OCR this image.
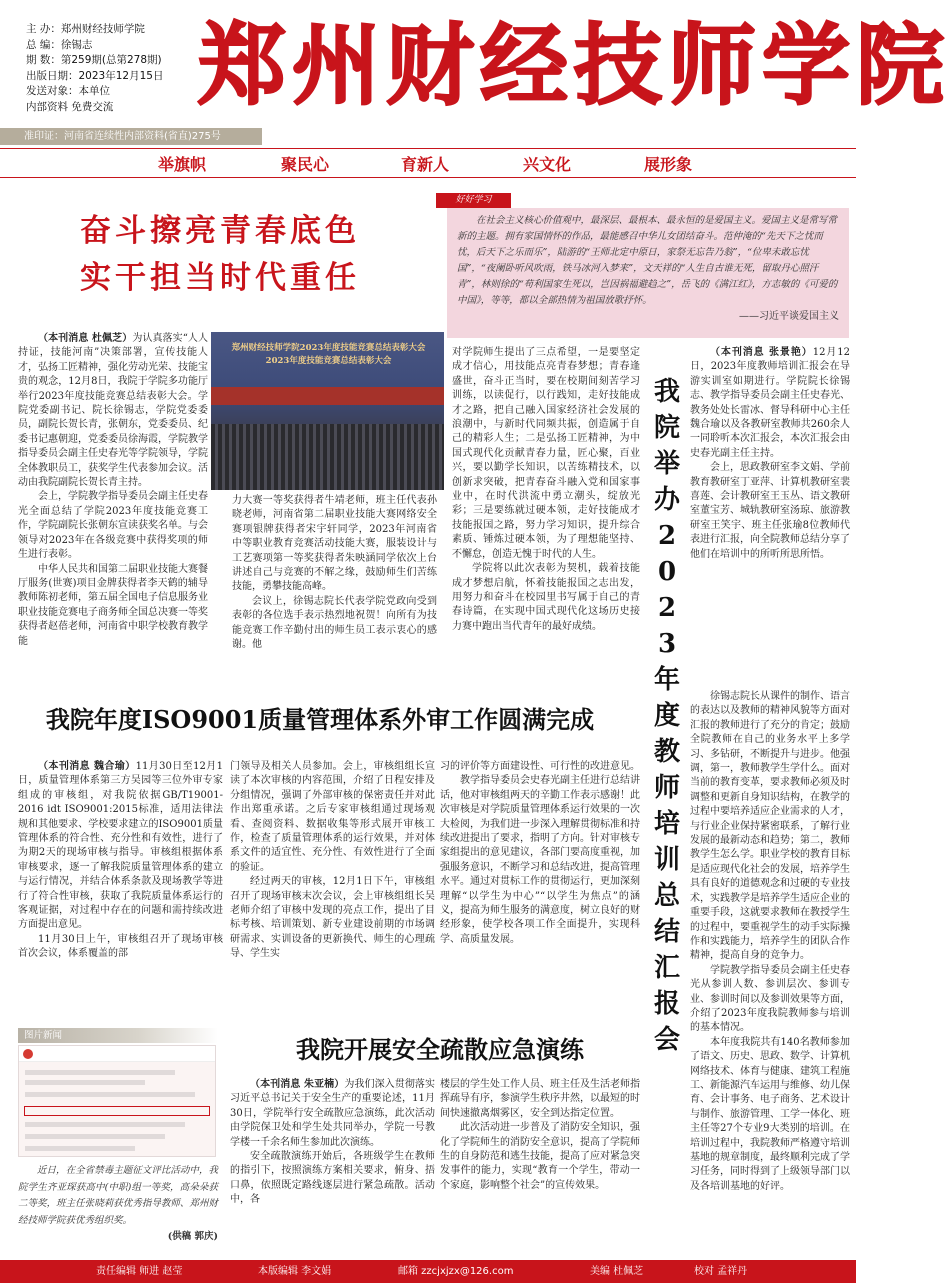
主 办：郑州财经技师学院
总 编：徐锡志
期 数：第259期(总第278期)
出版日期：2023年12月15日
发送对象：本单位
内部资料 免费交流
准印证：河南省连续性内部资料(省直)275号
郑州财经技师学院
举旗帜	聚民心	育新人	兴文化	展形象
奋斗擦亮青春底色
实干担当时代重任
好好学习

在社会主义核心价值观中，最深层、最根本、最永恒的是爱国主义。爱国主义是常写常新的主题。拥有家国情怀的作品，最能感召中华儿女团结奋斗。范仲淹的“先天下之忧而忧，后天下之乐而乐”，陆游的“王师北定中原日，家祭无忘告乃翁”，“位卑未敢忘忧国”，“夜阑卧听风吹雨，铁马冰河入梦来”，文天祥的“人生自古谁无死，留取丹心照汗青”，林则徐的“苟利国家生死以，岂因祸福避趋之”，岳飞的《满江红》，方志敏的《可爱的中国》，等等，都以全部热情为祖国放歌抒怀。

——习近平谈爱国主义

（本刊消息 杜佩芝）为认真落实“人人持证，技能河南”决策部署，宣传技能人才，弘扬工匠精神，强化劳动光荣、技能宝贵的观念，12月8日，我院于学院多功能厅举行2023年度技能竞赛总结表彰大会。学院党委副书记、院长徐锡志，学院党委委员，副院长贺长青，张朝东，党委委员、纪委书记惠朝迎，党委委员徐海霞，学院教学指导委员会副主任史春光等学院领导，学院全体教职员工，获奖学生代表参加会议。活动由我院副院长贺长青主持。

会上，学院教学指导委员会副主任史春光全面总结了学院2023年度技能竞赛工作，学院副院长张朝东宣读获奖名单。与会领导对2023年在各级竞赛中获得奖项的师生进行表彰。

中华人民共和国第二届职业技能大赛餐厅服务(世赛)项目金牌获得者李天鹤的辅导教师陈初老师，第五届全国电子信息服务业职业技能竞赛电子商务师全国总决赛一等奖获得者赵蓓老师，河南省中职学校教育教学能

郑州财经技师学院2023年度技能竞赛总结表彰大会
2023年度技能竞赛总结表彰大会

力大赛一等奖获得者牛靖老师，班主任代表孙晓老师，河南省第二届职业技能大赛网络安全赛项银牌获得者宋宇轩同学，2023年河南省中等职业教育竞赛活动技能大赛，服装设计与工艺赛项第一等奖获得者朱映涵同学依次上台讲述自己与竞赛的不解之缘，鼓励师生们苦练技能，勇攀技能高峰。

会议上，徐锡志院长代表学院党政向受到表彰的各位选手表示热烈地祝贺！向所有为技能竞赛工作辛勤付出的师生员工表示衷心的感谢。他

对学院师生提出了三点希望，一是要坚定成才信心，用技能点亮青春梦想；青春逢盛世，奋斗正当时，要在校期间刻苦学习训练，以读促行，以行践知，走好技能成才之路，把自己融入国家经济社会发展的浪潮中，与新时代同频共振，创造属于自己的精彩人生；二是弘扬工匠精神，为中国式现代化贡献青春力量，匠心聚，百业兴，要以勤学长知识，以苦练精技术，以创新求突破，把青春奋斗融入党和国家事业中，在时代洪流中勇立潮头，绽放光彩；三是要练就过硬本领，走好技能成才技能报国之路，努力学习知识，提升综合素质、锤炼过硬本领，为了理想能坚持、不懈怠，创造无愧于时代的人生。

学院将以此次表彰为契机，载着技能成才梦想启航，怀着技能报国之志出发，用努力和奋斗在校园里书写属于自己的青春诗篇，在实现中国式现代化这场历史接力赛中跑出当代青年的最好成绩。

我院举办2023年度教师培训总结汇报会

（本刊消息 张景艳）12月12日，2023年度教师培训汇报会在导游实训室如期进行。学院院长徐锡志、教学指导委员会副主任史春光、教务处处长雷冰、督导科研中心主任魏合瑜以及各教研室教师共260余人一同聆听本次汇报会，本次汇报会由史春光副主任主持。

会上，思政教研室李文娟、学前教育教研室丁亚萍、计算机教研室裴喜莲、会计教研室王玉丛、语文教研室董宝芳、城轨教研室汤琼、旅游教研室王笑宇、班主任张瑜8位教师代表进行汇报，向全院教师总结分享了他们在培训中的所听所思所悟。

徐锡志院长从课件的制作、语言的表达以及教师的精神风貌等方面对汇报的教师进行了充分的肯定；鼓励全院教师在自己的业务水平上多学习、多钻研，不断提升与进步。他强调，第一，教师教学生学什么。面对当前的教育变革，要求教师必须及时调整和更新自身知识结构，在教学的过程中要培养适应企业需求的人才，与行业企业保持紧密联系，了解行业发展的最新动态和趋势；第二，教师教学生怎么学。职业学校的教育目标是适应现代化社会的发展，培养学生具有良好的道德观念和过硬的专业技术，实践教学是培养学生适应企业的重要手段，这就要求教师在教授学生的过程中，要重视学生的动手实际操作和实践能力，培养学生的团队合作精神，提高自身的竞争力。

学院教学指导委员会副主任史春光从参训人数、参训层次、参训专业、参训时间以及参训效果等方面，介绍了2023年度我院教师参与培训的基本情况。

本年度我院共有140名教师参加了语文、历史、思政、数学、计算机网络技术、体育与健康、建筑工程施工、新能源汽车运用与维修、幼儿保育、会计事务、电子商务、艺术设计与制作、旅游管理、工学一体化、班主任等27个专业9大类别的培训。在培训过程中，我院教师严格遵守培训基地的规章制度，最终顺利完成了学习任务，同时得到了上级领导部门以及各培训基地的好评。

我院年度ISO9001质量管理体系外审工作圆满完成

（本刊消息 魏合瑜）11月30日至12月1日，质量管理体系第三方吴园等三位外审专家组成的审核组，对我院依据GB/T19001-2016 idt ISO9001:2015标准，适用法律法规和其他要求、学校要求建立的ISO9001质量管理体系的符合性、充分性和有效性，进行了为期2天的现场审核与指导。审核组根据体系审核要求，逐一了解我院质量管理体系的建立与运行情况，并结合体系条款及现场教学等进行了符合性审核，获取了我院质量体系运行的客观证据，对过程中存在的问题和需持续改进方面提出意见。

11月30日上午，审核组召开了现场审核首次会议，体系覆盖的部

门领导及相关人员参加。会上，审核组组长宣读了本次审核的内容范围，介绍了日程安排及分组情况，强调了外部审核的保密责任并对此作出郑重承诺。之后专家审核组通过现场观看、查阅资料、数据收集等形式展开审核工作，检查了质量管理体系的运行效果，并对体系文件的适宜性、充分性、有效性进行了全面的验证。

经过两天的审核，12月1日下午，审核组召开了现场审核末次会议，会上审核组组长吴老师介绍了审核中发现的亮点工作，提出了目标考核、培训策划、新专业建设前期的市场调研需求、实训设备的更新换代、师生的心理疏导、学生实

习的评价等方面建设性、可行性的改进意见。

教学指导委员会史春光副主任进行总结讲话，他对审核组两天的辛勤工作表示感谢！此次审核是对学院质量管理体系运行效果的一次大检阅，为我们进一步深入理解贯彻标准和持续改进提出了要求，指明了方向。针对审核专家组提出的意见建议，各部门要高度重视，加强服务意识，不断学习和总结改进，提高管理水平。通过对贯标工作的贯彻运行，更加深刻理解“以学生为中心”“以学生为焦点”的涵义，提高为师生服务的满意度，树立良好的财经形象，使学校各项工作全面提升，实现科学、高质量发展。

图片新闻

近日，在全省禁毒主题征文评比活动中，我院学生齐亚琛获高中(中职)组一等奖，高朵朵获二等奖，班主任张晓莉获优秀指导教师、郑州财经技师学院获优秀组织奖。

(供稿 郭庆)

我院开展安全疏散应急演练

（本刊消息 朱亚楠）为我们深入贯彻落实习近平总书记关于安全生产的重要论述，11月30日，学院举行安全疏散应急演练，此次活动由学院保卫处和学生处共同举办，学院一号教学楼一千余名师生参加此次演练。

安全疏散演练开始后，各班级学生在教师的指引下，按照演练方案相关要求，俯身、捂口鼻，依照既定路线逐层进行紧急疏散。活动中，各

楼层的学生处工作人员、班主任及生活老师指挥疏导有序，参演学生秩序井然，以最短的时间快速撤离烟雾区，安全到达指定位置。

此次活动进一步普及了消防安全知识，强化了学院师生的消防安全意识，提高了学院师生的自身防范和逃生技能，提高了应对紧急突发事件的能力，实现“教育一个学生，带动一个家庭，影响整个社会”的宣传效果。

责任编辑 师进 赵莹	本版编辑 李文娟	邮箱 zzcjxjzx@126.com	美编 杜佩芝	校对 孟祥丹
